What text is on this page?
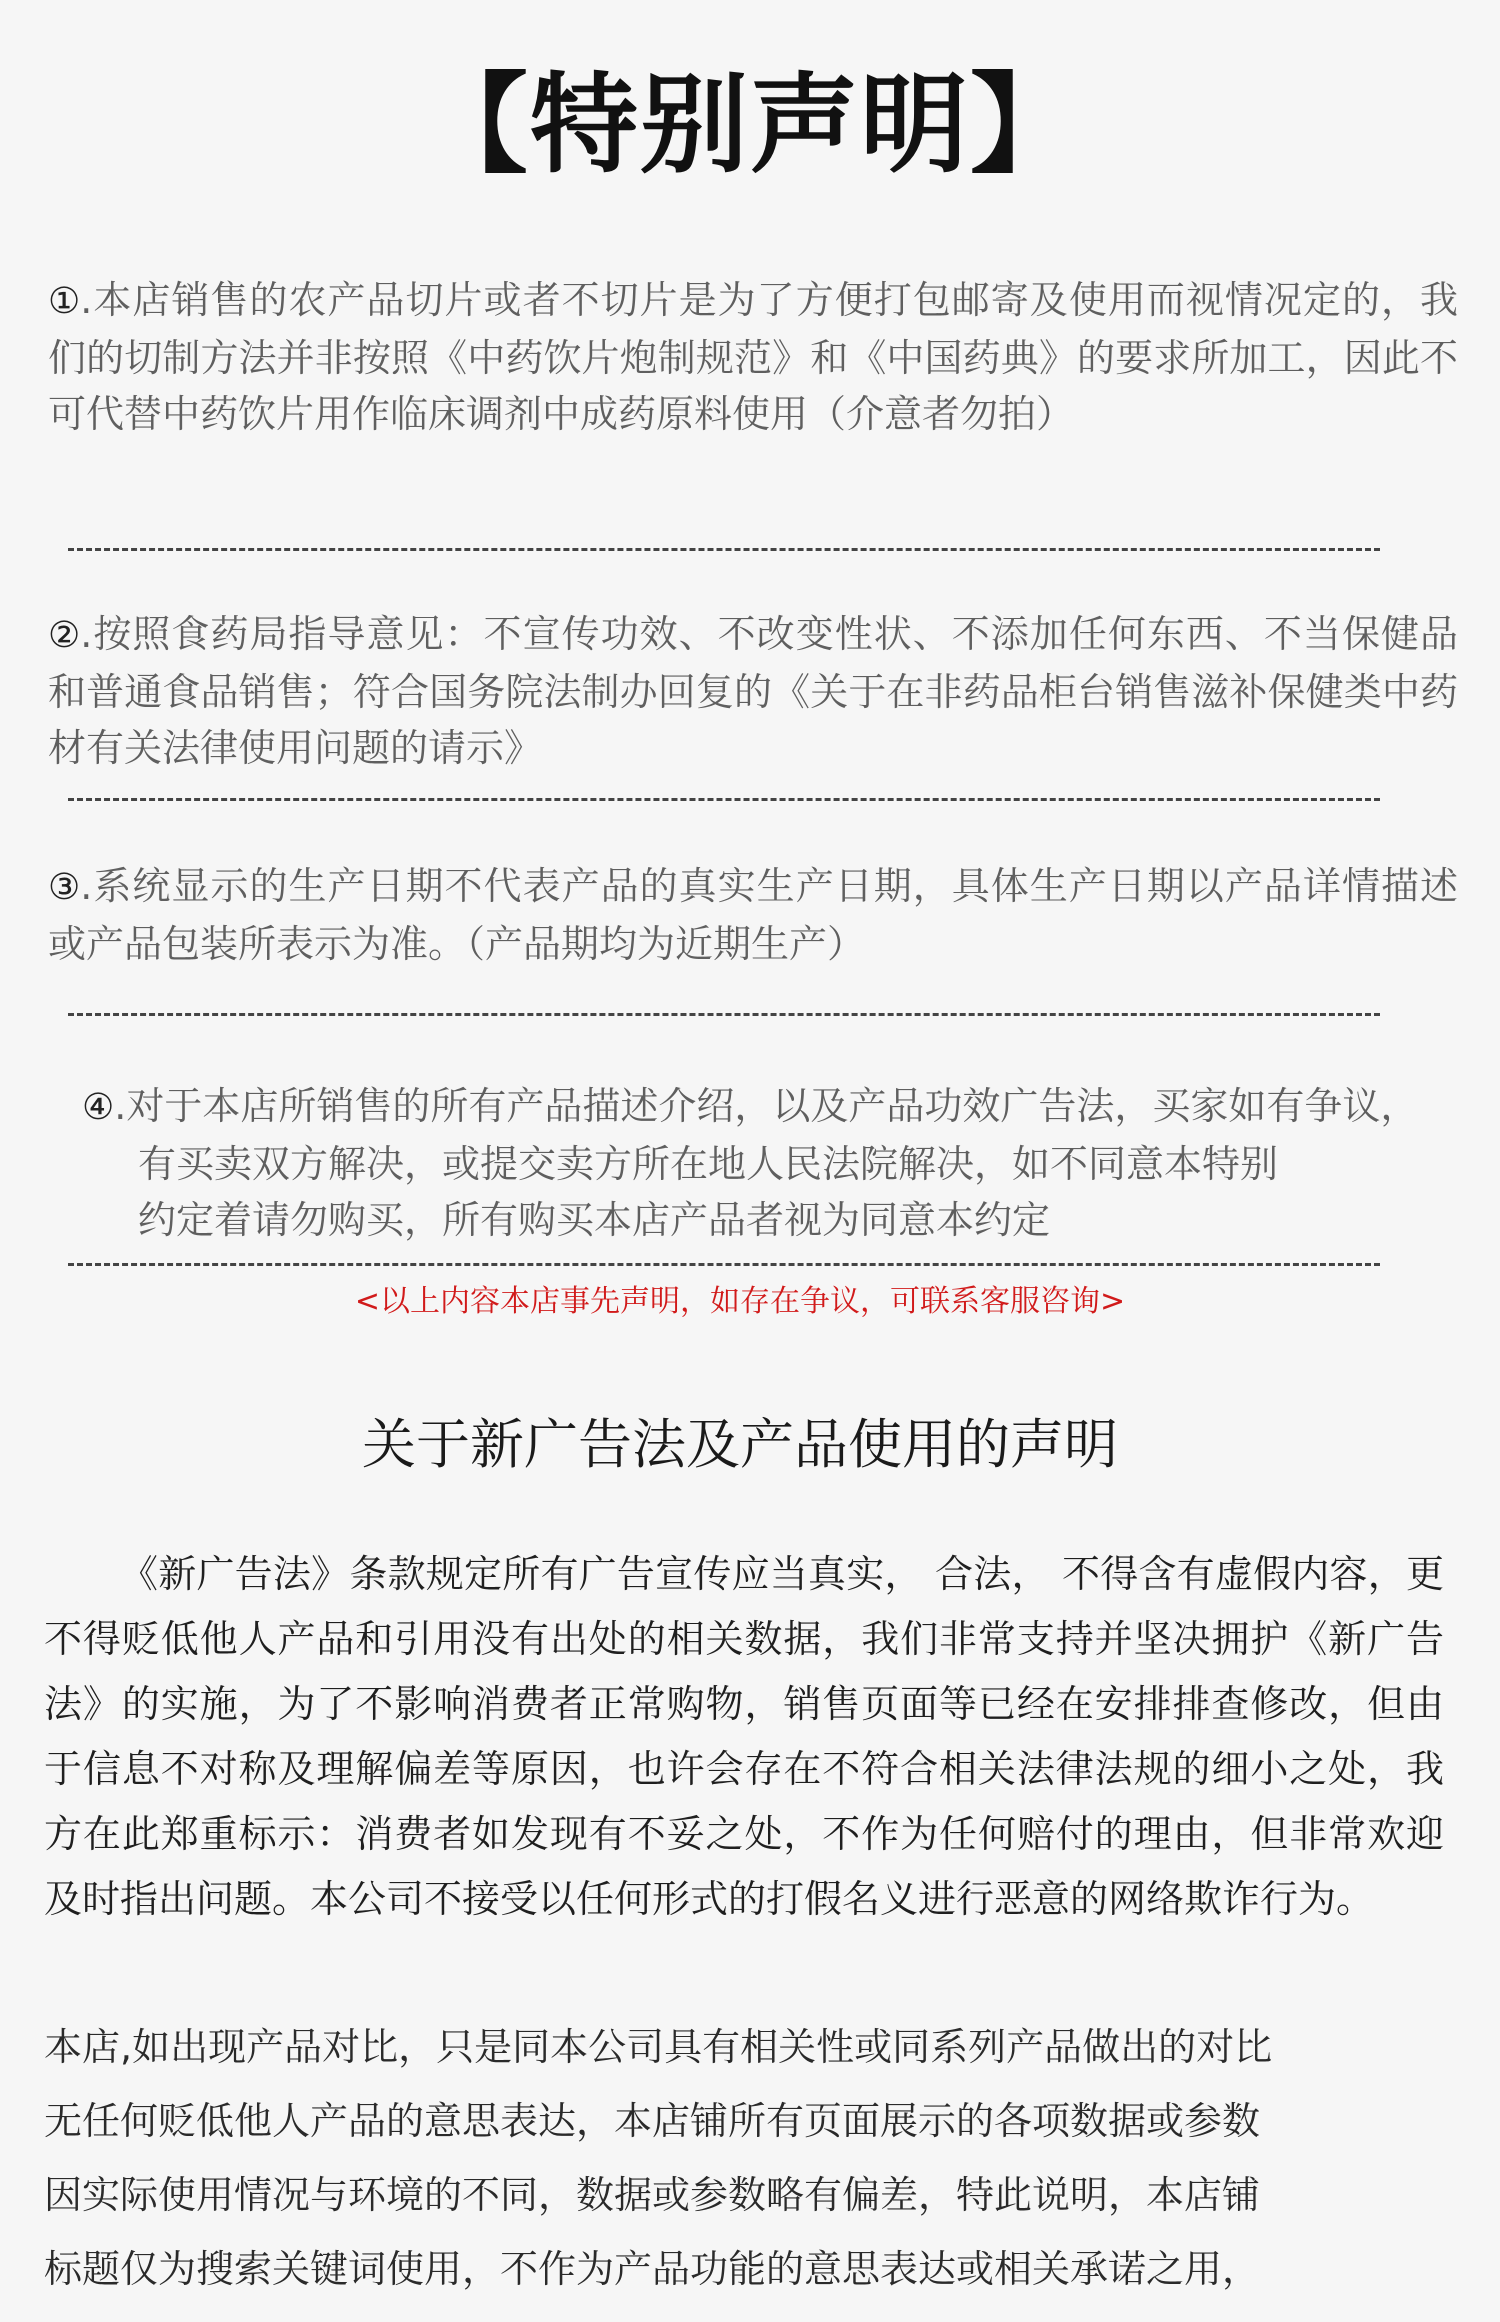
【特别声明】
①.本店销售的农产品切片或者不切片是为了方便打包邮寄及使用而视情况定的，我们的切制方法并非按照《中药饮片炮制规范》和《中国药典》的要求所加工，因此不可代替中药饮片用作临床调剂中成药原料使用（介意者勿拍）
②.按照食药局指导意见：不宣传功效、不改变性状、不添加任何东西、不当保健品和普通食品销售；符合国务院法制办回复的《关于在非药品柜台销售滋补保健类中药材有关法律使用问题的请示》
③.系统显示的生产日期不代表产品的真实生产日期，具体生产日期以产品详情描述或产品包装所表示为准。（产品期均为近期生产）
④.对于本店所销售的所有产品描述介绍，以及产品功效广告法，买家如有争议，
有买卖双方解决，或提交卖方所在地人民法院解决，如不同意本特别
约定着请勿购买，所有购买本店产品者视为同意本约定
<以上内容本店事先声明，如存在争议，可联系客服咨询>
关于新广告法及产品使用的声明
《新广告法》条款规定所有广告宣传应当真实， 合法， 不得含有虚假内容，更不得贬低他人产品和引用没有出处的相关数据，我们非常支持并坚决拥护《新广告法》的实施，为了不影响消费者正常购物，销售页面等已经在安排排查修改，但由于信息不对称及理解偏差等原因，也许会存在不符合相关法律法规的细小之处，我方在此郑重标示：消费者如发现有不妥之处，不作为任何赔付的理由，但非常欢迎及时指出问题。本公司不接受以任何形式的打假名义进行恶意的网络欺诈行为。
本店,如出现产品对比，只是同本公司具有相关性或同系列产品做出的对比
无任何贬低他人产品的意思表达，本店铺所有页面展示的各项数据或参数
因实际使用情况与环境的不同，数据或参数略有偏差，特此说明，本店铺
标题仅为搜索关键词使用，不作为产品功能的意思表达或相关承诺之用，
